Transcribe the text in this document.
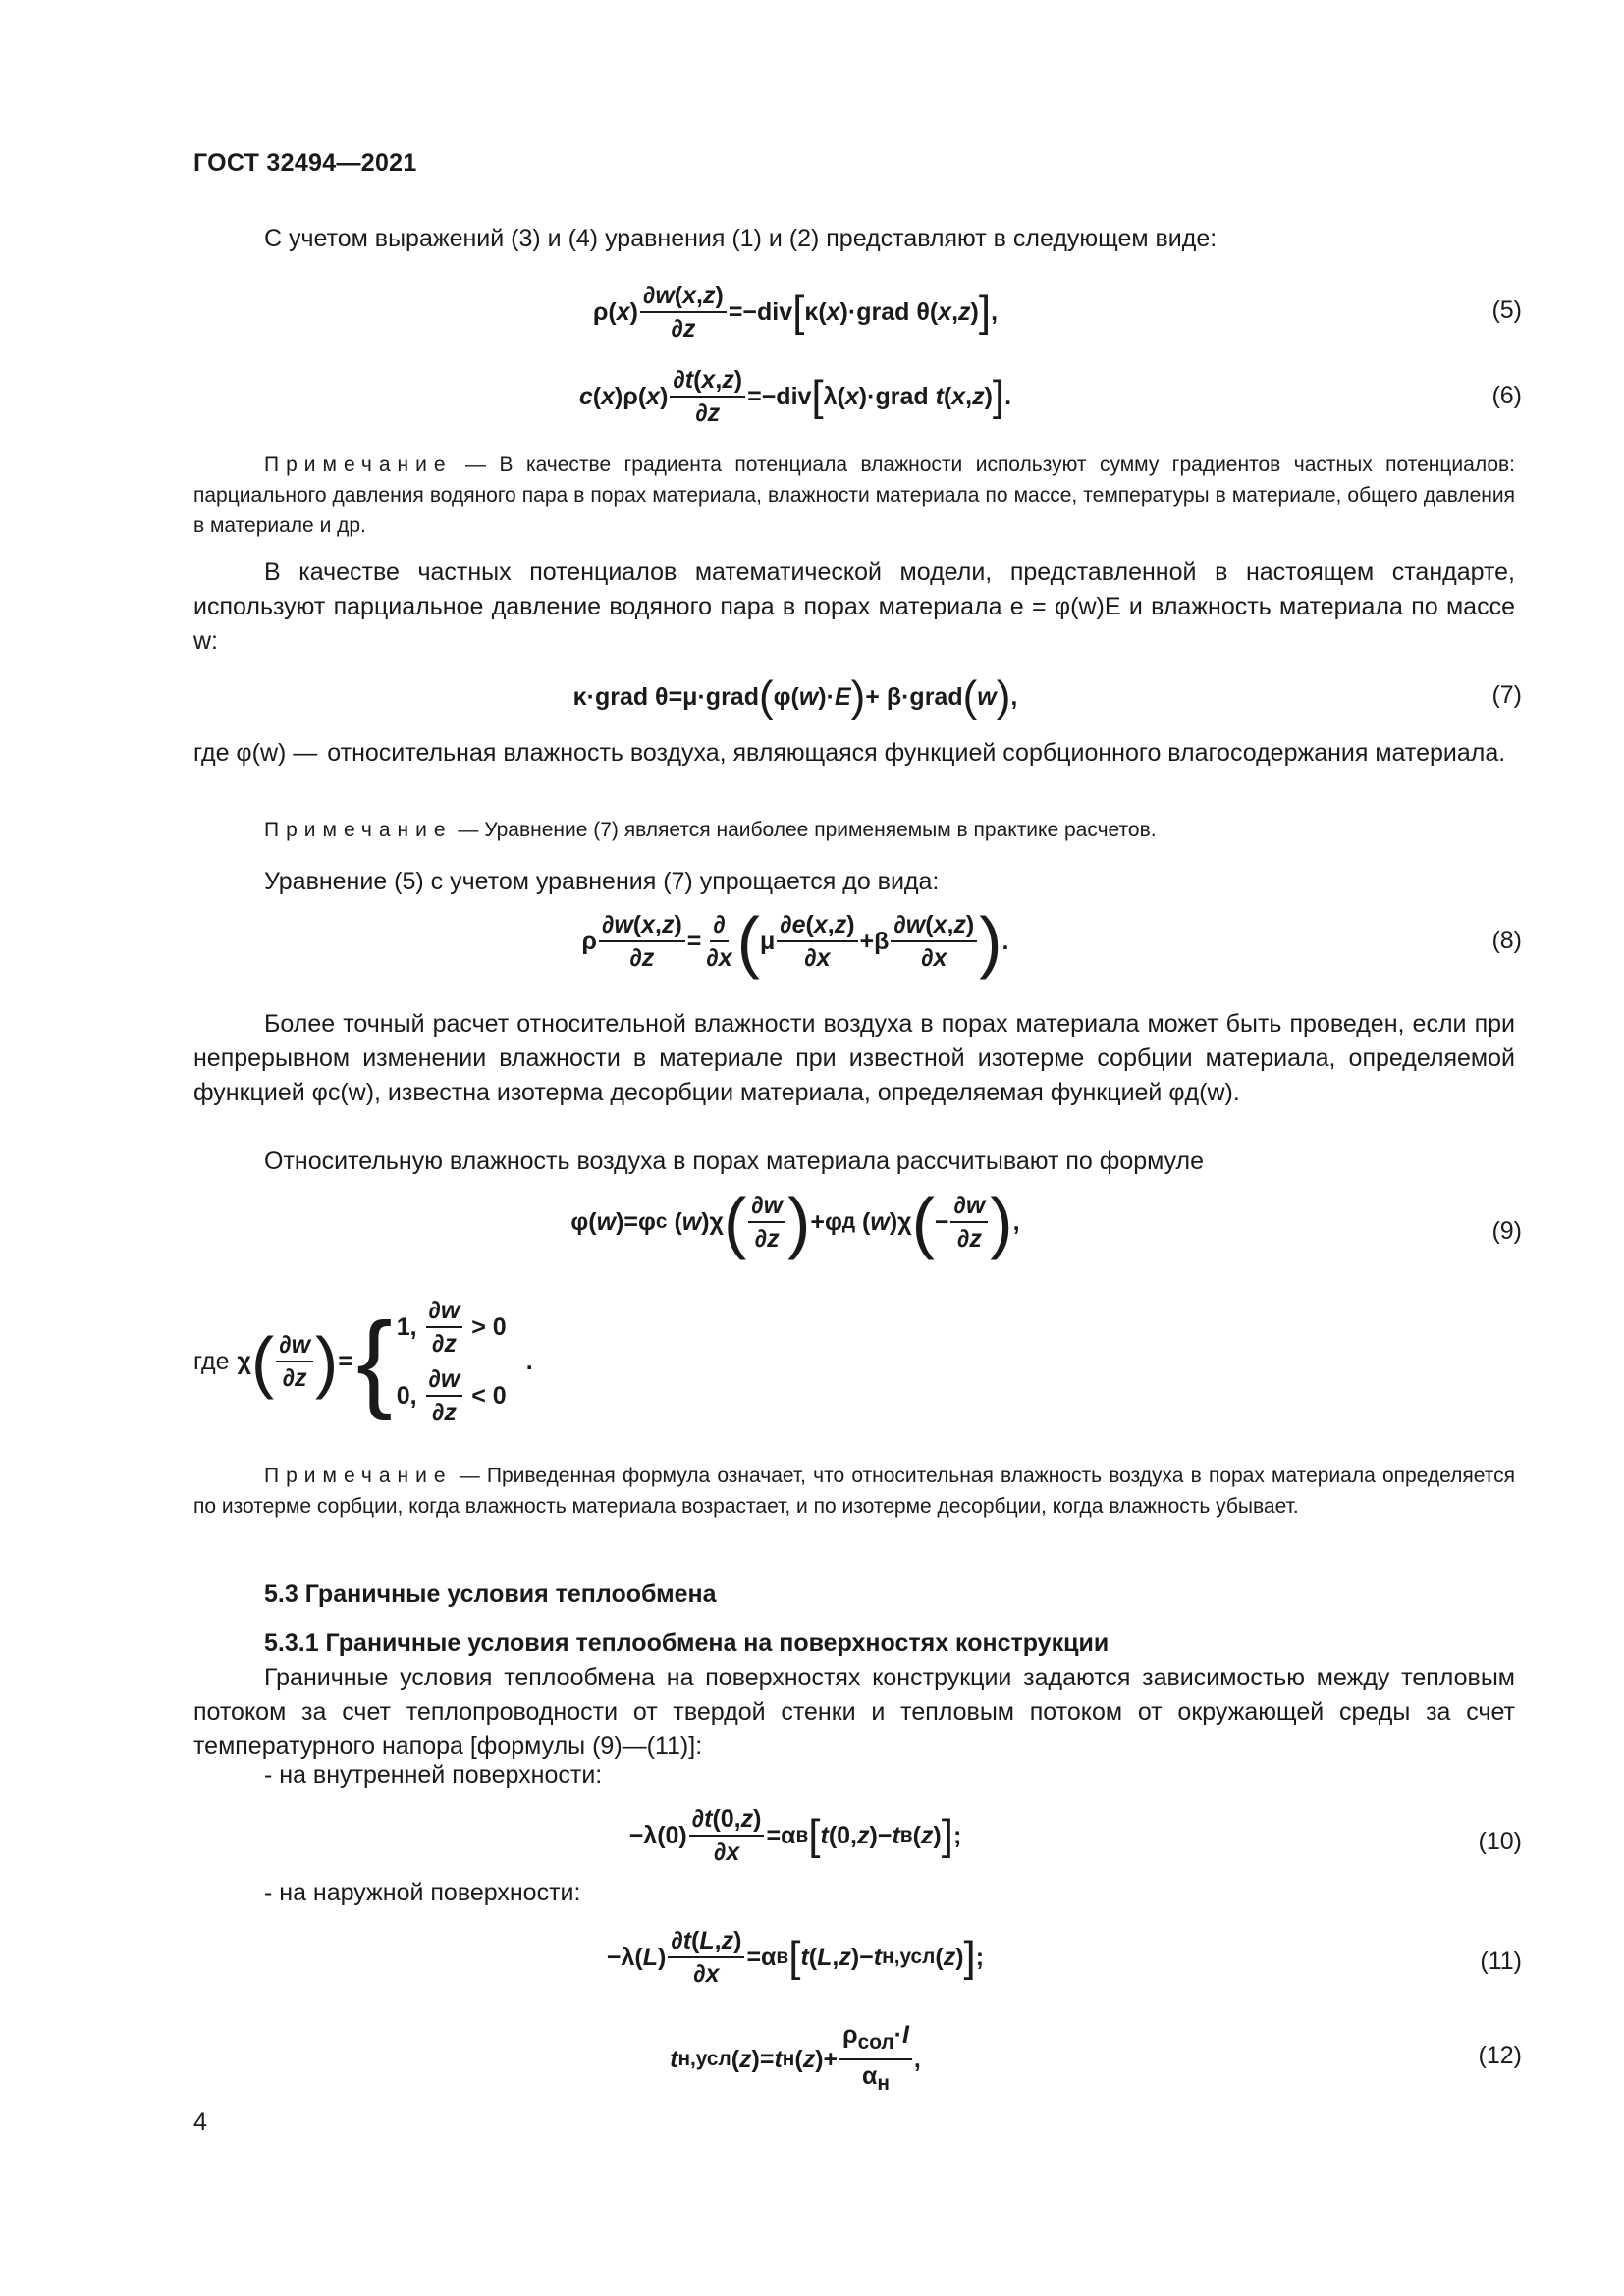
ГОСТ 32494—2021
С учетом выражений (3) и (4) уравнения (1) и (2) представляют в следующем виде:
ρ( x ) $\frac{\partial w(x,z)}{\partial z} =-div$ [ κ( x )·grad θ( x , z ) ] ,	(5)
c ( x )ρ( x ) $\frac{\partial t(x,z)}{\partial z} =-div$ [ λ( x )·grad t ( x , z ) ] .	(6)
Примечание — В качестве градиента потенциала влажности используют сумму градиентов частных потенциалов: парциального давления водяного пара в порах материала, влажности материала по массе, температуры в материале, общего давления в материале и др.
В качестве частных потенциалов математической модели, представленной в настоящем стандарте, используют парциальное давление водяного пара в порах материала e = φ(w)E и влажность материала по массе w:
κ·grad θ=μ·grad ( φ( w )· E ) + β·grad ( w ) ,	(7)
где φ(w) — относительная влажность воздуха, являющаяся функцией сорбционного влагосодержания материала.
Примечание — Уравнение (7) является наиболее применяемым в практике расчетов.
Уравнение (5) с учетом уравнения (7) упрощается до вида:
ρ $\frac{\partial w(x,z)}{\partial z} = \frac{\partial}{\partial x}$ ( μ $\frac{\partial e(x,z)}{\partial x} +\beta \frac{\partial w(x,z)}{\partial x}$ ) .	(8)
Более точный расчет относительной влажности воздуха в порах материала может быть проведен, если при непрерывном изменении влажности в материале при известной изотерме сорбции материала, определяемой функцией φс(w), известна изотерма десорбции материала, определяемая функцией φд(w).
Относительную влажность воздуха в порах материала рассчитывают по формуле
φ( w )=φ c ( w )χ ( $\frac{\partial w}{\partial z}$ ) +φ д ( w )χ ( − $\frac{\partial w}{\partial z}$ ) ,	(9)
где χ ( $\frac{\partial w}{\partial z}$ ) = { 1, $\frac{\partial w}{\partial z} > 0$
0, $\frac{\partial w}{\partial z} < 0$
.
Примечание — Приведенная формула означает, что относительная влажность воздуха в порах материала определяется по изотерме сорбции, когда влажность материала возрастает, и по изотерме десорбции, когда влажность убывает.
5.3 Граничные условия теплообмена
5.3.1 Граничные условия теплообмена на поверхностях конструкции
Граничные условия теплообмена на поверхностях конструкции задаются зависимостью между тепловым потоком за счет теплопроводности от твердой стенки и тепловым потоком от окружающей среды за счет температурного напора [формулы (9)—(11)]:
- на внутренней поверхности:
$-\lambda(0) \frac{\partial t(0,z)}{\partial x} =\alpha$ в [ t (0, z )− t в ( z ) ] ;	(10)
- на наружной поверхности:
−λ( L ) $\frac{\partial t(L,z)}{\partial x} =\alpha$ в [ t ( L , z )− t н,усл ( z ) ] ;	(11)
t н,усл ( z )= t н ( z )+ $\frac{\rho_{сол}\cdot I}{\alpha_н}$ ,	(12)
4
